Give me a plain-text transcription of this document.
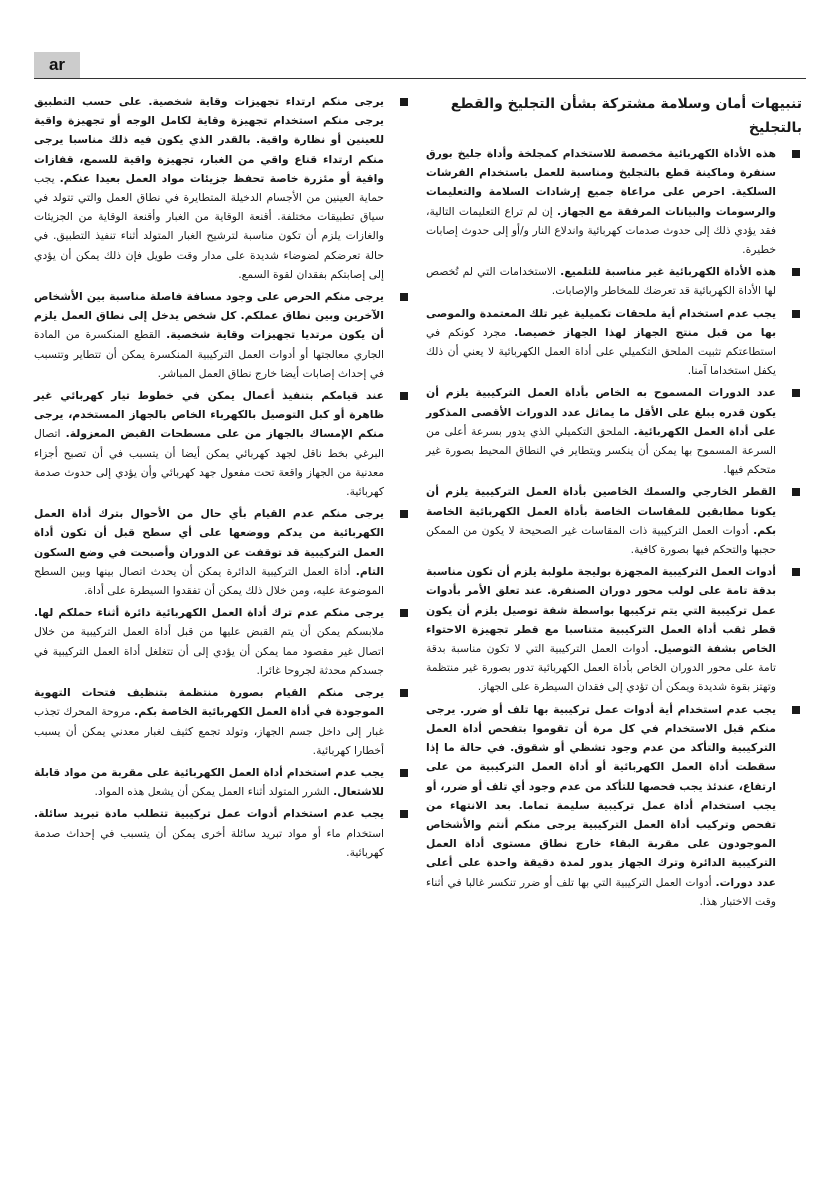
ar
تنبيهات أمان وسلامة مشتركة بشأن التجليخ والقطع بالتجليخ
هذه الأداة الكهربائية مخصصة للاستخدام كمجلخة وأداة جليخ بورق سنفرة وماكينة قطع بالتجليخ ومناسبة للعمل باستخدام الفرشات السلكية. احرص على مراعاة جميع إرشادات السلامة والتعليمات والرسومات والبيانات المرفقة مع الجهاز. إن لم تراع التعليمات التالية، فقد يؤدي ذلك إلى حدوث صدمات كهربائية واندلاع النار و/أو إلى حدوث إصابات خطيرة.
هذه الأداة الكهربائية غير مناسبة للتلميع. الاستخدامات التي لم تُخصص لها الأداة الكهربائية قد تعرضك للمخاطر والإصابات.
يجب عدم استخدام أية ملحقات تكميلية غير تلك المعتمدة والموصى بها من قبل منتج الجهاز لهذا الجهاز خصيصا. مجرد كونكم في استطاعتكم تثبيت الملحق التكميلي على أداة العمل الكهربائية لا يعني أن ذلك يكفل استخداما آمنا.
عدد الدورات المسموح به الخاص بأداة العمل التركيبية يلزم أن يكون قدره يبلغ على الأقل ما يماثل عدد الدورات الأقصى المذكور على أداة العمل الكهربائية. الملحق التكميلي الذي يدور بسرعة أعلى من السرعة المسموح بها يمكن أن ينكسر ويتطاير في النطاق المحيط بصورة غير متحكم فيها.
القطر الخارجي والسمك الخاصين بأداة العمل التركيبية يلزم أن يكونا مطابقين للمقاسات الخاصة بأداة العمل الكهربائية الخاصة بكم. أدوات العمل التركيبية ذات المقاسات غير الصحيحة لا يكون من الممكن حجبها والتحكم فيها بصورة كافية.
أدوات العمل التركيبية المجهزة بوليجة ملولبة يلزم أن تكون مناسبة بدقة تامة على لولب محور دوران الصنفرة. عند تعلق الأمر بأدوات عمل تركيبية التي يتم تركيبها بواسطة شفة توصيل يلزم أن يكون قطر ثقب أداة العمل التركيبية متناسبا مع قطر تجهيزة الاحتواء الخاص بشفة التوصيل. أدوات العمل التركيبية التي لا تكون مناسبة بدقة تامة على محور الدوران الخاص بأداة العمل الكهربائية تدور بصورة غير منتظمة وتهتز بقوة شديدة ويمكن أن تؤدي إلى فقدان السيطرة على الجهاز.
يجب عدم استخدام أية أدوات عمل تركيبية بها تلف أو ضرر. يرجى منكم قبل الاستخدام في كل مرة أن تقوموا بتفحص أداة العمل التركيبية والتأكد من عدم وجود تشظي أو شقوق. في حالة ما إذا سقطت أداة العمل الكهربائية أو أداة العمل التركيبية من على ارتفاع، عندئذ يجب فحصها للتأكد من عدم وجود أي تلف أو ضرر، أو يجب استخدام أداة عمل تركيبية سليمة تماما. بعد الانتهاء من تفحص وتركيب أداة العمل التركيبية يرجى منكم أنتم والأشخاص الموجودون على مقربة البقاء خارج نطاق مستوى أداة العمل التركيبية الدائرة وترك الجهاز يدور لمدة دقيقة واحدة على أعلى عدد دورات. أدوات العمل التركيبية التي بها تلف أو ضرر تنكسر غالبا في أثناء وقت الاختبار هذا.
يرجى منكم ارتداء تجهيزات وقاية شخصية. على حسب التطبيق يرجى منكم استخدام تجهيزة وقاية لكامل الوجه أو تجهيزة واقية للعينين أو نظارة واقية. بالقدر الذي يكون فيه ذلك مناسبا يرجى منكم ارتداء قناع واقي من الغبار، تجهيزة واقية للسمع، قفازات واقية أو مئزرة خاصة تحفظ جزيئات مواد العمل بعيدا عنكم. يجب حماية العينين من الأجسام الدخيلة المتطايرة في نطاق العمل والتي تتولد في سياق تطبيقات مختلفة. أقنعة الوقاية من الغبار وأقنعة الوقاية من الجزيئات والغازات يلزم أن تكون مناسبة لترشيح الغبار المتولد أثناء تنفيذ التطبيق. في حالة تعرضكم لضوضاء شديدة على مدار وقت طويل فإن ذلك يمكن أن يؤدي إلى إصابتكم بفقدان لقوة السمع.
يرجى منكم الحرص على وجود مسافة فاصلة مناسبة بين الأشخاص الآخرين وبين نطاق عملكم. كل شخص يدخل إلى نطاق العمل يلزم أن يكون مرتديا تجهيزات وقاية شخصية. القطع المنكسرة من المادة الجاري معالجتها أو أدوات العمل التركيبية المنكسرة يمكن أن تتطاير وتتسبب في إحداث إصابات أيضا خارج نطاق العمل المباشر.
عند قيامكم بتنفيذ أعمال يمكن في خطوط تيار كهربائي غير ظاهرة أو كبل التوصيل بالكهرباء الخاص بالجهاز المستخدم، يرجى منكم الإمساك بالجهاز من على مسطحات القبض المعزولة. اتصال البرغي بخط ناقل لجهد كهربائي يمكن أيضا أن يتسبب في أن تصبح أجزاء معدنية من الجهاز واقعة تحت مفعول جهد كهربائي وأن يؤدي إلى حدوث صدمة كهربائية.
يرجى منكم عدم القيام بأي حال من الأحوال بترك أداة العمل الكهربائية من يدكم ووضعها على أي سطح قبل أن تكون أداة العمل التركيبية قد توقفت عن الدوران وأصبحت في وضع السكون التام. أداة العمل التركيبية الدائرة يمكن أن يحدث اتصال بينها وبين السطح الموضوعة عليه، ومن خلال ذلك يمكن أن تفقدوا السيطرة على أداة.
يرجى منكم عدم ترك أداة العمل الكهربائية دائرة أثناء حملكم لها. ملابسكم يمكن أن يتم القبض عليها من قبل أداة العمل التركيبية من خلال اتصال غير مقصود مما يمكن أن يؤدي إلى أن تتغلغل أداة العمل التركيبية في جسدكم محدثة لجروحا غائرا.
يرجى منكم القيام بصورة منتظمة بتنظيف فتحات التهوية الموجودة في أداة العمل الكهربائية الخاصة بكم. مروحة المحرك تجذب غبار إلى داخل جسم الجهاز، وتولد تجمع كثيف لغبار معدني يمكن أن يسبب أخطارا كهربائية.
يجب عدم استخدام أداة العمل الكهربائية على مقربة من مواد قابلة للاشتعال. الشرر المتولد أثناء العمل يمكن أن يشعل هذه المواد.
يجب عدم استخدام أدوات عمل تركيبية تتطلب مادة تبريد سائلة. استخدام ماء أو مواد تبريد سائلة أخرى يمكن أن يتسبب في إحداث صدمة كهربائية.
